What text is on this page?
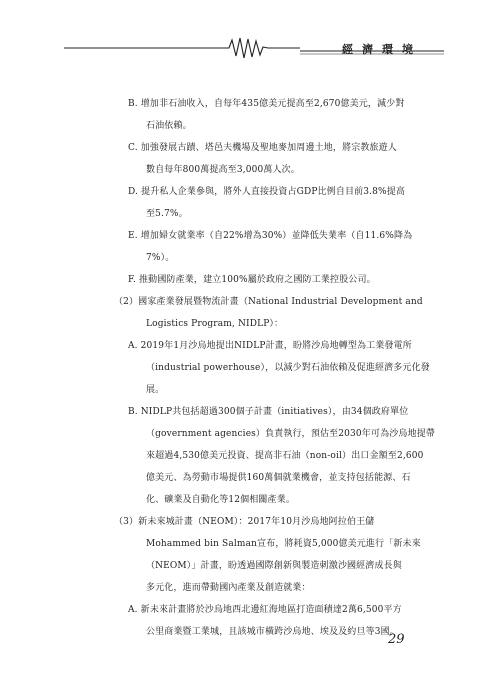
經濟環境
B. 增加非石油收入，自每年435億美元提高至2,670億美元，減少對
石油依賴。
C. 加強發展古蹟、塔邑夫機場及聖地麥加周邊土地，將宗教旅遊人
數自每年800萬提高至3,000萬人次。
D. 提升私人企業參與，將外人直接投資占GDP比例自目前3.8%提高
至5.7%。
E. 增加婦女就業率（自22%增為30%）並降低失業率（自11.6%降為
7%）。
F. 推動國防產業，建立100%屬於政府之國防工業控股公司。
（2）國家產業發展暨物流計畫（National Industrial Development and
Logistics Program, NIDLP）：
A. 2019年1月沙烏地提出NIDLP計畫，盼將沙烏地轉型為工業發電所
（industrial powerhouse），以減少對石油依賴及促進經濟多元化發
展。
B. NIDLP共包括超過300個子計畫（initiatives），由34個政府單位
（government agencies）負責執行，預估至2030年可為沙烏地提帶
來超過4,530億美元投資、提高非石油（non-oil）出口金額至2,600
億美元、為勞動市場提供160萬個就業機會，並支持包括能源、石
化、礦業及自動化等12個相關產業。
（3）新未來城計畫（NEOM）：2017年10月沙烏地阿拉伯王儲
Mohammed bin Salman宣布，將耗資5,000億美元進行「新未來
（NEOM）」計畫，盼透過國際創新與製造刺激沙國經濟成長與
多元化，進而帶動國內產業及創造就業：
A. 新未來計畫將於沙烏地西北邊紅海地區打造面積達2萬6,500平方
公里商業暨工業城，且該城市橫跨沙烏地、埃及及約旦等3國。
29
